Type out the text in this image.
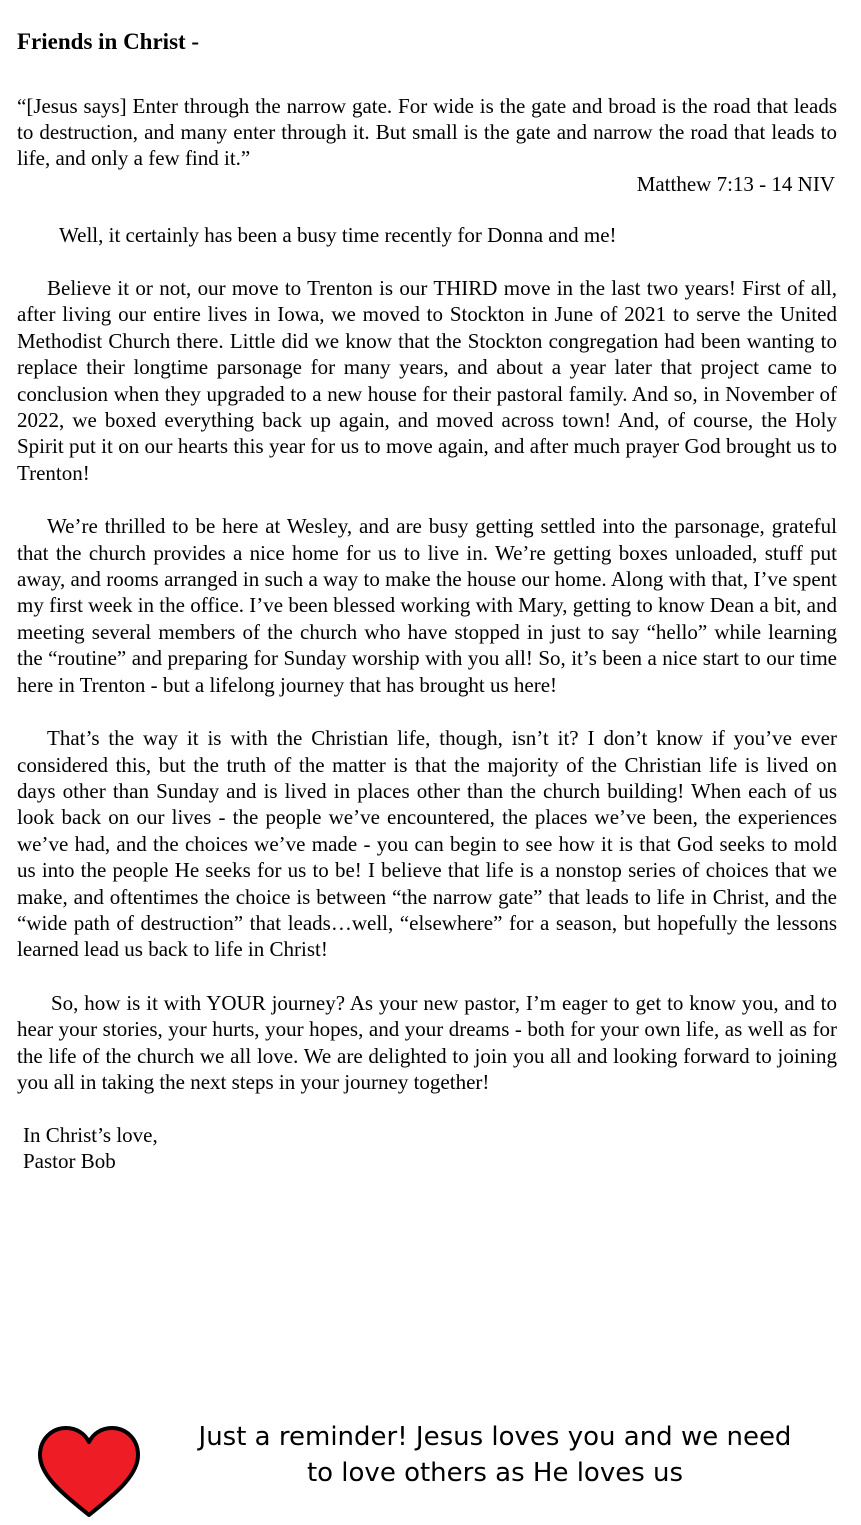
Friends in Christ -

“[Jesus says] Enter through the narrow gate. For wide is the gate and broad is the road that leads to destruction, and many enter through it. But small is the gate and narrow the road that leads to life, and only a few find it.”

Matthew 7:13 - 14 NIV

Well, it certainly has been a busy time recently for Donna and me!

Believe it or not, our move to Trenton is our THIRD move in the last two years! First of all, after living our entire lives in Iowa, we moved to Stockton in June of 2021 to serve the United Methodist Church there. Little did we know that the Stockton congregation had been wanting to replace their longtime parsonage for many years, and about a year later that project came to conclusion when they upgraded to a new house for their pastoral family. And so, in November of 2022, we boxed everything back up again, and moved across town! And, of course, the Holy Spirit put it on our hearts this year for us to move again, and after much prayer God brought us to Trenton!

We’re thrilled to be here at Wesley, and are busy getting settled into the parsonage, grateful that the church provides a nice home for us to live in. We’re getting boxes unloaded, stuff put away, and rooms arranged in such a way to make the house our home. Along with that, I’ve spent my first week in the office. I’ve been blessed working with Mary, getting to know Dean a bit, and meeting several members of the church who have stopped in just to say “hello” while learning the “routine” and preparing for Sunday worship with you all! So, it’s been a nice start to our time here in Trenton - but a lifelong journey that has brought us here!

That’s the way it is with the Christian life, though, isn’t it? I don’t know if you’ve ever considered this, but the truth of the matter is that the majority of the Christian life is lived on days other than Sunday and is lived in places other than the church building! When each of us look back on our lives - the people we’ve encountered, the places we’ve been, the experiences we’ve had, and the choices we’ve made - you can begin to see how it is that God seeks to mold us into the people He seeks for us to be! I believe that life is a nonstop series of choices that we make, and oftentimes the choice is between “the narrow gate” that leads to life in Christ, and the “wide path of destruction” that leads…well, “elsewhere” for a season, but hopefully the lessons learned lead us back to life in Christ!

So, how is it with YOUR journey? As your new pastor, I’m eager to get to know you, and to hear your stories, your hurts, your hopes, and your dreams - both for your own life, as well as for the life of the church we all love. We are delighted to join you all and looking forward to joining you all in taking the next steps in your journey together!

In Christ’s love,
Pastor Bob
Just a reminder! Jesus loves you and we need
to love others as He loves us
